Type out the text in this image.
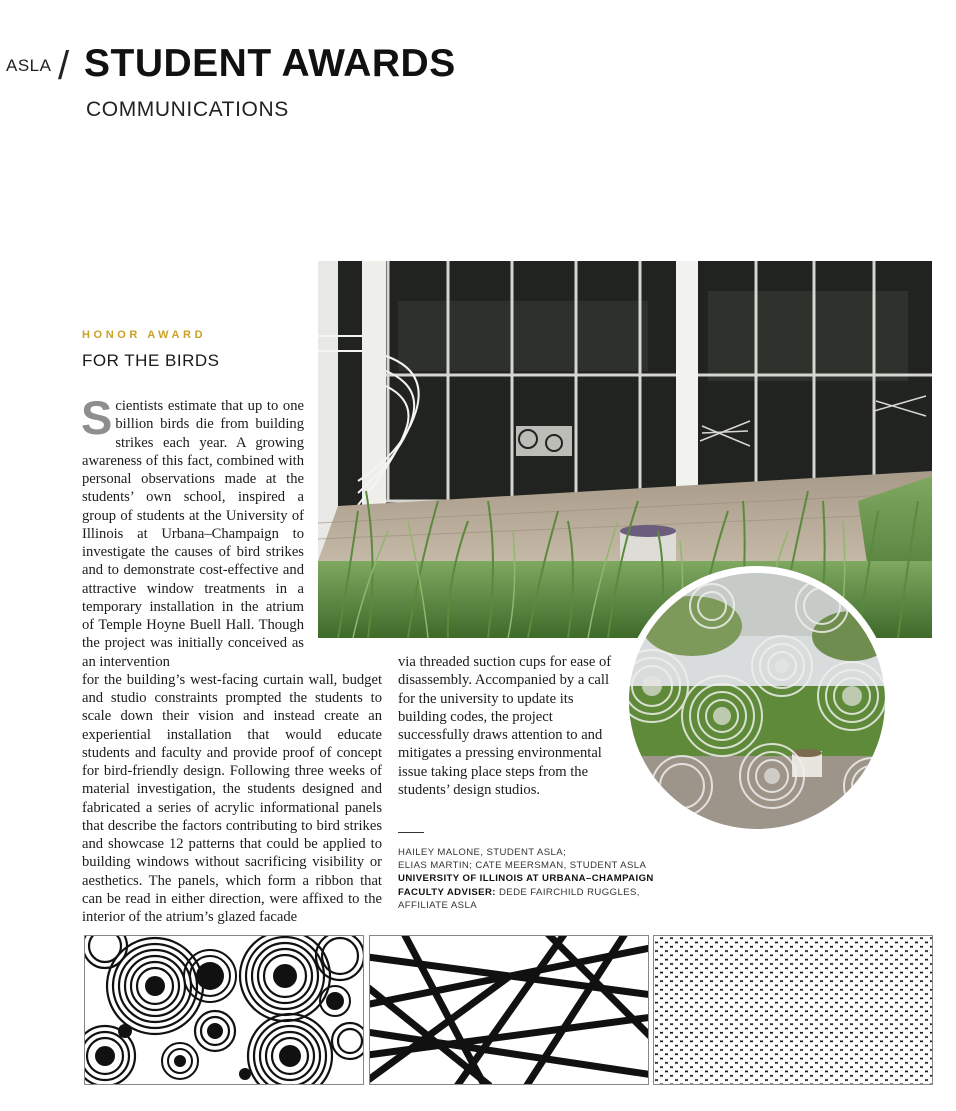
ASLA / STUDENT AWARDS
COMMUNICATIONS
HONOR AWARD
FOR THE BIRDS
Scientists estimate that up to one billion birds die from building strikes each year. A growing awareness of this fact, combined with personal observations made at the students’ own school, inspired a group of students at the University of Illinois at Urbana–Champaign to investigate the causes of bird strikes and to demonstrate cost-effective and attractive window treatments in a temporary installation in the atrium of Temple Hoyne Buell Hall. Though the project was initially conceived as an intervention
for the building’s west-facing curtain wall, budget and studio constraints prompted the students to scale down their vision and instead create an experiential installation that would educate students and faculty and provide proof of concept for bird-friendly design. Following three weeks of material investigation, the students designed and fabricated a series of acrylic informational panels that describe the factors contributing to bird strikes and showcase 12 patterns that could be applied to building windows without sacrificing visibility or aesthetics. The panels, which form a ribbon that can be read in either direction, were affixed to the interior of the atrium’s glazed facade
via threaded suction cups for ease of disassembly. Accompanied by a call for the university to update its building codes, the project successfully draws attention to and mitigates a pressing environmental issue taking place steps from the students’ design studios.
HAILEY MALONE, STUDENT ASLA;
ELIAS MARTIN; CATE MEERSMAN, STUDENT ASLA
UNIVERSITY OF ILLINOIS AT URBANA–CHAMPAIGN
FACULTY ADVISER: DEDE FAIRCHILD RUGGLES,
AFFILIATE ASLA
